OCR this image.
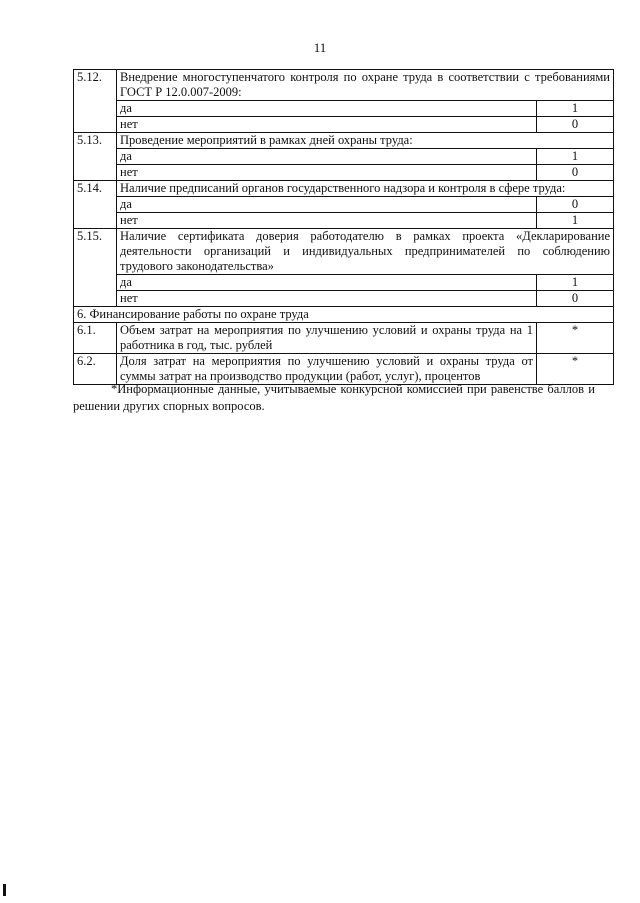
11
5.12.	Внедрение многоступенчатого контроля по охране труда в соответствии с требованиями ГОСТ Р 12.0.007-2009:	
	да	1
	нет	0
5.13.	Проведение мероприятий в рамках дней охраны труда:	
	да	1
	нет	0
5.14.	Наличие предписаний органов государственного надзора и контроля в сфере труда:	
	да	0
	нет	1
5.15.	Наличие сертификата доверия работодателю в рамках проекта «Декларирование деятельности организаций и индивидуальных предпринимателей по соблюдению трудового законодательства»	
	да	1
	нет	0
6. Финансирование работы по охране труда		
6.1.	Объем затрат на мероприятия по улучшению условий и охраны труда на 1 работника в год, тыс. рублей	*
6.2.	Доля затрат на мероприятия по улучшению условий и охраны труда от суммы затрат на производство продукции (работ, услуг), процентов	*
*Информационные данные, учитываемые конкурсной комиссией при равенстве баллов и решении других спорных вопросов.
